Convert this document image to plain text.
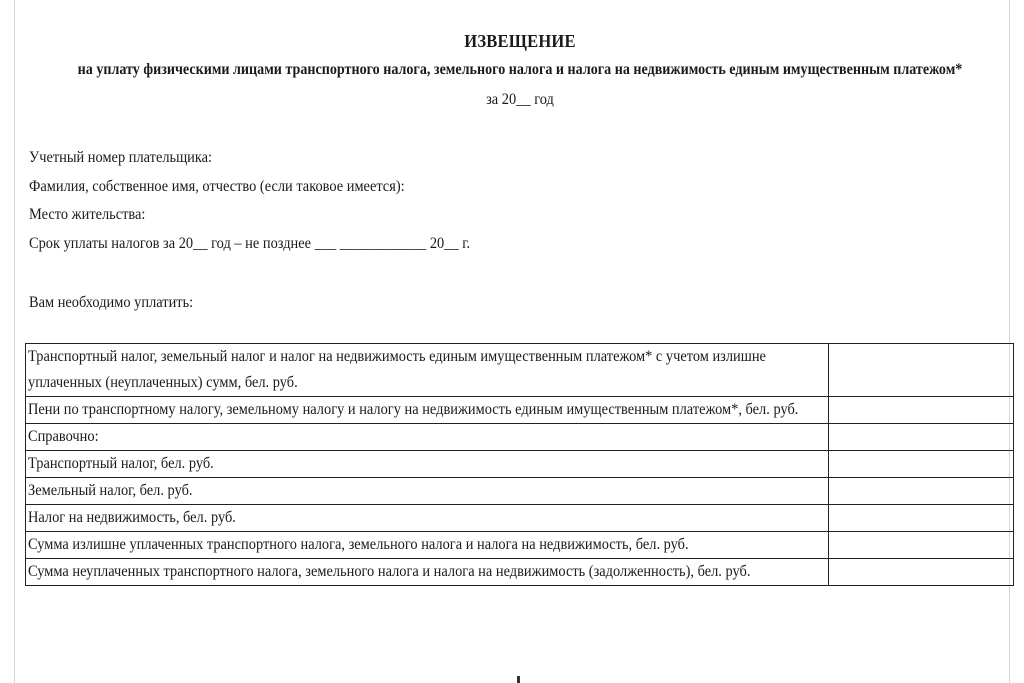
ИЗВЕЩЕНИЕ
на уплату физическими лицами транспортного налога, земельного налога и налога на недвижимость единым имущественным платежом*
за 20__ год
Учетный номер плательщика:
Фамилия, собственное имя, отчество (если таковое имеется):
Место жительства:
Срок уплаты налогов за 20__ год – не позднее ___ ____________ 20__ г.
Вам необходимо уплатить:
Транспортный налог, земельный налог и налог на недвижимость единым имущественным платежом* с учетом излишне уплаченных (неуплаченных) сумм, бел. руб.	
Пени по транспортному налогу, земельному налогу и налогу на недвижимость единым имущественным платежом*, бел. руб.	
Справочно:	
Транспортный налог, бел. руб.	
Земельный налог, бел. руб.	
Налог на недвижимость, бел. руб.	
Сумма излишне уплаченных транспортного налога, земельного налога и налога на недвижимость, бел. руб.	
Сумма неуплаченных транспортного налога, земельного налога и налога на недвижимость (задолженность), бел. руб.	
